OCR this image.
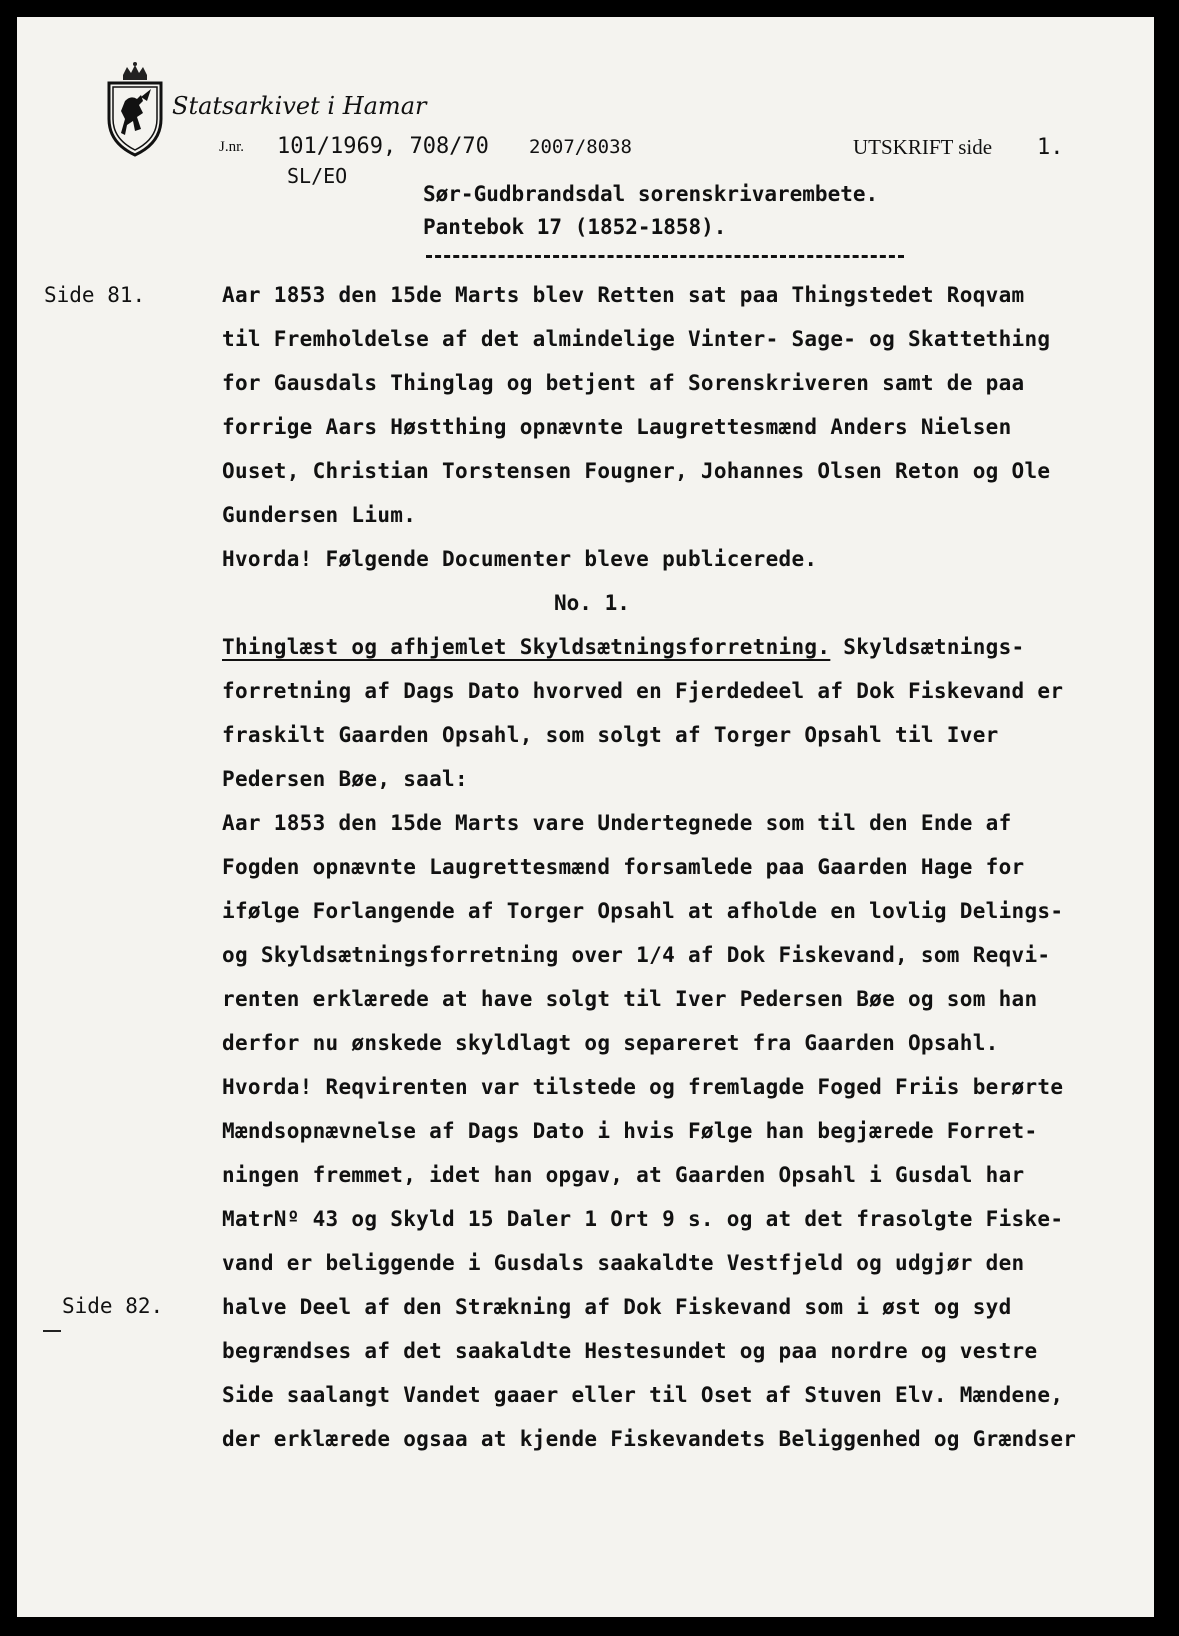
Statsarkivet i Hamar
J.nr. 101/1969, 708/70 2007/8038
SL/EO
UTSKRIFT side 1.
Sør-Gudbrandsdal sorenskrivarembete.
Pantebok 17 (1852-1858).
Side 81.
Side 82.
Aar 1853 den 15de Marts blev Retten sat paa Thingstedet Roqvam
til Fremholdelse af det almindelige Vinter- Sage- og Skattething
for Gausdals Thinglag og betjent af Sorenskriveren samt de paa
forrige Aars Høstthing opnævnte Laugrettesmænd Anders Nielsen
Ouset, Christian Torstensen Fougner, Johannes Olsen Reton og Ole
Gundersen Lium.
Hvorda! Følgende Documenter bleve publicerede.
No. 1.
Thinglæst og afhjemlet Skyldsætningsforretning. Skyldsætnings-
forretning af Dags Dato hvorved en Fjerdedeel af Dok Fiskevand er
fraskilt Gaarden Opsahl, som solgt af Torger Opsahl til Iver
Pedersen Bøe, saal:
Aar 1853 den 15de Marts vare Undertegnede som til den Ende af
Fogden opnævnte Laugrettesmænd forsamlede paa Gaarden Hage for
ifølge Forlangende af Torger Opsahl at afholde en lovlig Delings-
og Skyldsætningsforretning over 1/4 af Dok Fiskevand, som Reqvi-
renten erklærede at have solgt til Iver Pedersen Bøe og som han
derfor nu ønskede skyldlagt og separeret fra Gaarden Opsahl.
Hvorda! Reqvirenten var tilstede og fremlagde Foged Friis berørte
Mændsopnævnelse af Dags Dato i hvis Følge han begjærede Forret-
ningen fremmet, idet han opgav, at Gaarden Opsahl i Gusdal har
MatrNº 43 og Skyld 15 Daler 1 Ort 9 s. og at det frasolgte Fiske-
vand er beliggende i Gusdals saakaldte Vestfjeld og udgjør den
halve Deel af den Strækning af Dok Fiskevand som i øst og syd
begrændses af det saakaldte Hestesundet og paa nordre og vestre
Side saalangt Vandet gaaer eller til Oset af Stuven Elv. Mændene,
der erklærede ogsaa at kjende Fiskevandets Beliggenhed og Grændser
